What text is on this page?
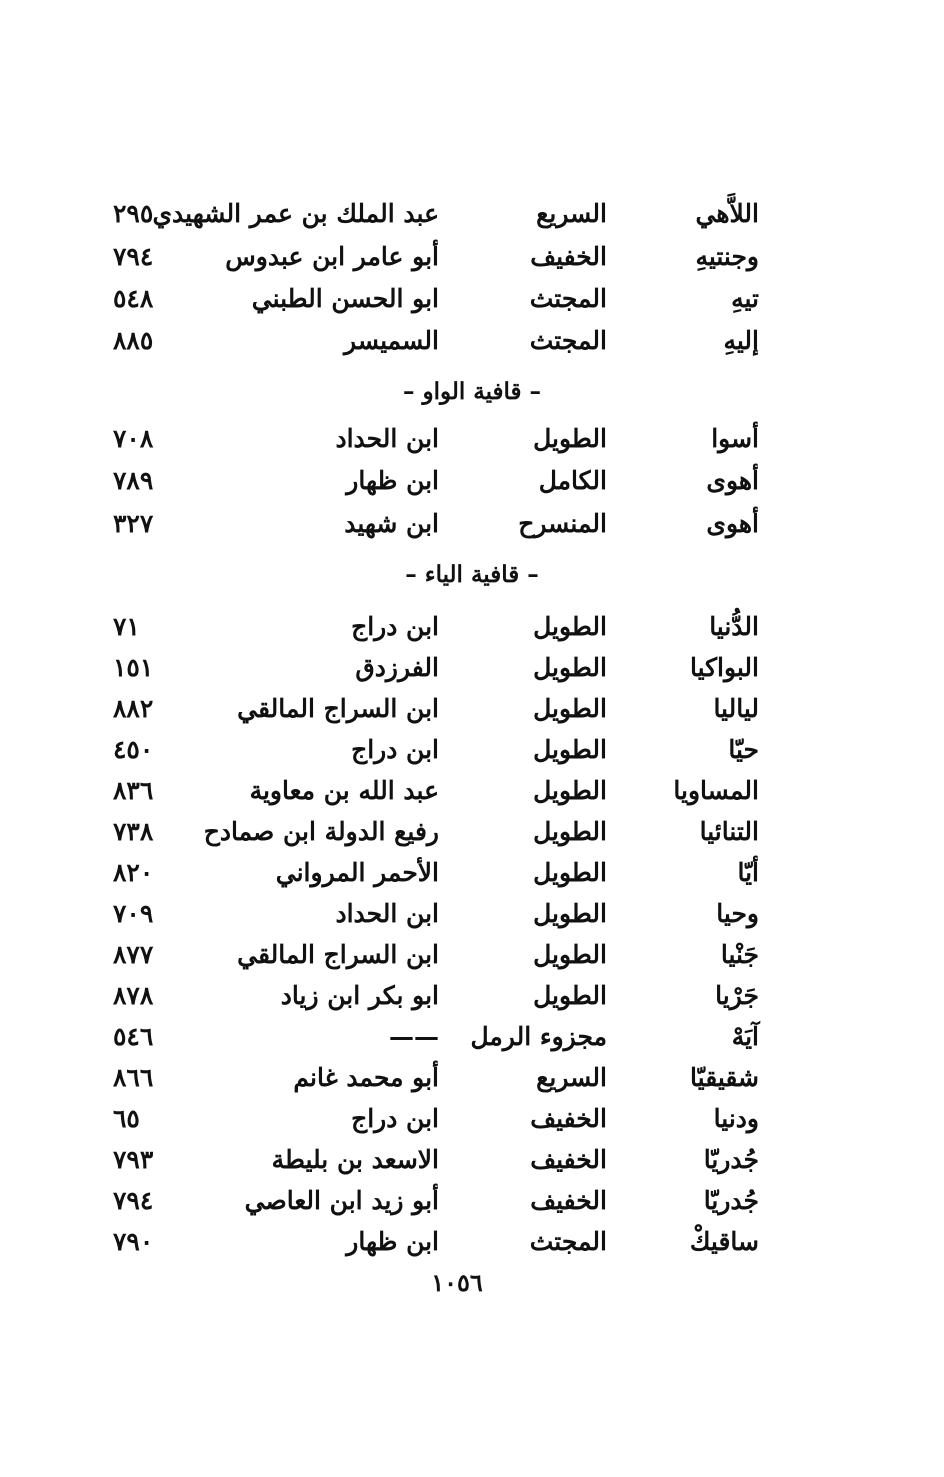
اللاَّهي
السريع
عبد الملك بن عمر الشهيدي
٢٩٥
وجنتيهِ
الخفيف
أبو عامر ابن عبدوس
٧٩٤
تيهِ
المجتث
ابو الحسن الطبني
٥٤٨
إليهِ
المجتث
السميسر
٨٨٥
– قافية الواو –
أسوا
الطويل
ابن الحداد
٧٠٨
أهوى
الكامل
ابن ظهار
٧٨٩
أهوى
المنسرح
ابن شهيد
٣٢٧
– قافية الياء –
الدُّنيا
الطويل
ابن دراج
٧١
البواكيا
الطويل
الفرزدق
١٥١
لياليا
الطويل
ابن السراج المالقي
٨٨٢
حيّا
الطويل
ابن دراج
٤٥٠
المساويا
الطويل
عبد الله بن معاوية
٨٣٦
التنائيا
الطويل
رفيع الدولة ابن صمادح
٧٣٨
أيّا
الطويل
الأحمر المرواني
٨٢٠
وحيا
الطويل
ابن الحداد
٧٠٩
جَنْيا
الطويل
ابن السراج المالقي
٨٧٧
جَرْيا
الطويل
ابو بكر ابن زياد
٨٧٨
آيَهْ
مجزوء الرمل
——
٥٤٦
شقيقيّا
السريع
أبو محمد غانم
٨٦٦
ودنيا
الخفيف
ابن دراج
٦٥
جُدريّا
الخفيف
الاسعد بن بليطة
٧٩٣
جُدريّا
الخفيف
أبو زيد ابن العاصي
٧٩٤
ساقيكْ
المجتث
ابن ظهار
٧٩٠
١٠٥٦
